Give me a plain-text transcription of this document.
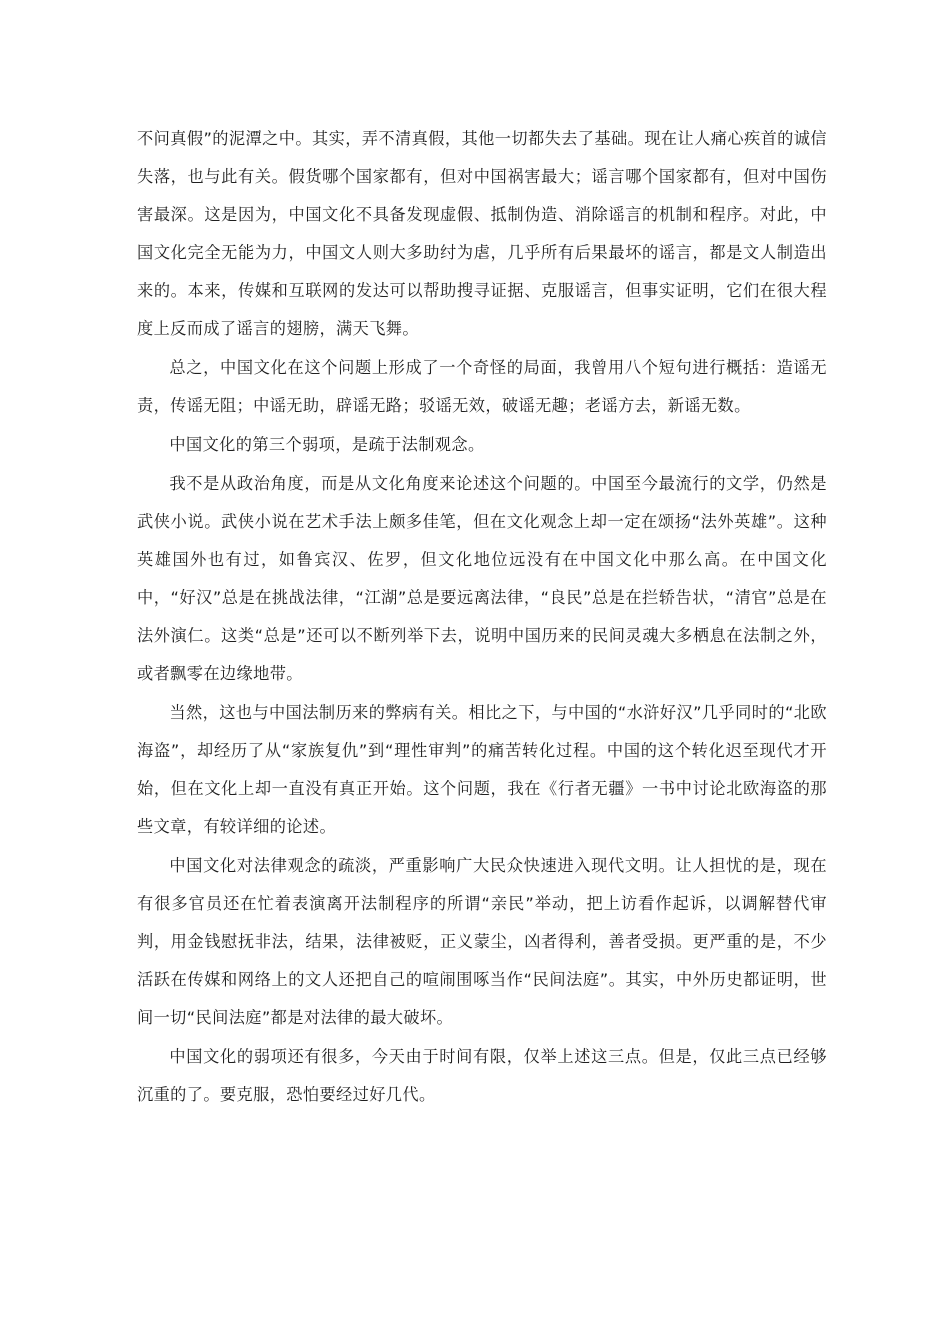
不问真假”的泥潭之中。其实，弄不清真假，其他一切都失去了基础。现在让人痛心疾首的诚信失落，也与此有关。假货哪个国家都有，但对中国祸害最大；谣言哪个国家都有，但对中国伤害最深。这是因为，中国文化不具备发现虚假、抵制伪造、消除谣言的机制和程序。对此，中国文化完全无能为力，中国文人则大多助纣为虐，几乎所有后果最坏的谣言，都是文人制造出来的。本来，传媒和互联网的发达可以帮助搜寻证据、克服谣言，但事实证明，它们在很大程度上反而成了谣言的翅膀，满天飞舞。

总之，中国文化在这个问题上形成了一个奇怪的局面，我曾用八个短句进行概括：造谣无责，传谣无阻；中谣无助，辟谣无路；驳谣无效，破谣无趣；老谣方去，新谣无数。

中国文化的第三个弱项，是疏于法制观念。

我不是从政治角度，而是从文化角度来论述这个问题的。中国至今最流行的文学，仍然是武侠小说。武侠小说在艺术手法上颇多佳笔，但在文化观念上却一定在颂扬“法外英雄”。这种英雄国外也有过，如鲁宾汉、佐罗，但文化地位远没有在中国文化中那么高。在中国文化中，“好汉”总是在挑战法律，“江湖”总是要远离法律，“良民”总是在拦轿告状，“清官”总是在法外演仁。这类“总是”还可以不断列举下去，说明中国历来的民间灵魂大多栖息在法制之外，或者飘零在边缘地带。

当然，这也与中国法制历来的弊病有关。相比之下，与中国的“水浒好汉”几乎同时的“北欧海盗”，却经历了从“家族复仇”到“理性审判”的痛苦转化过程。中国的这个转化迟至现代才开始，但在文化上却一直没有真正开始。这个问题，我在《行者无疆》一书中讨论北欧海盗的那些文章，有较详细的论述。

中国文化对法律观念的疏淡，严重影响广大民众快速进入现代文明。让人担忧的是，现在有很多官员还在忙着表演离开法制程序的所谓“亲民”举动，把上访看作起诉，以调解替代审判，用金钱慰抚非法，结果，法律被贬，正义蒙尘，凶者得利，善者受损。更严重的是，不少活跃在传媒和网络上的文人还把自己的喧闹围啄当作“民间法庭”。其实，中外历史都证明，世间一切“民间法庭”都是对法律的最大破坏。

中国文化的弱项还有很多，今天由于时间有限，仅举上述这三点。但是，仅此三点已经够沉重的了。要克服，恐怕要经过好几代。
